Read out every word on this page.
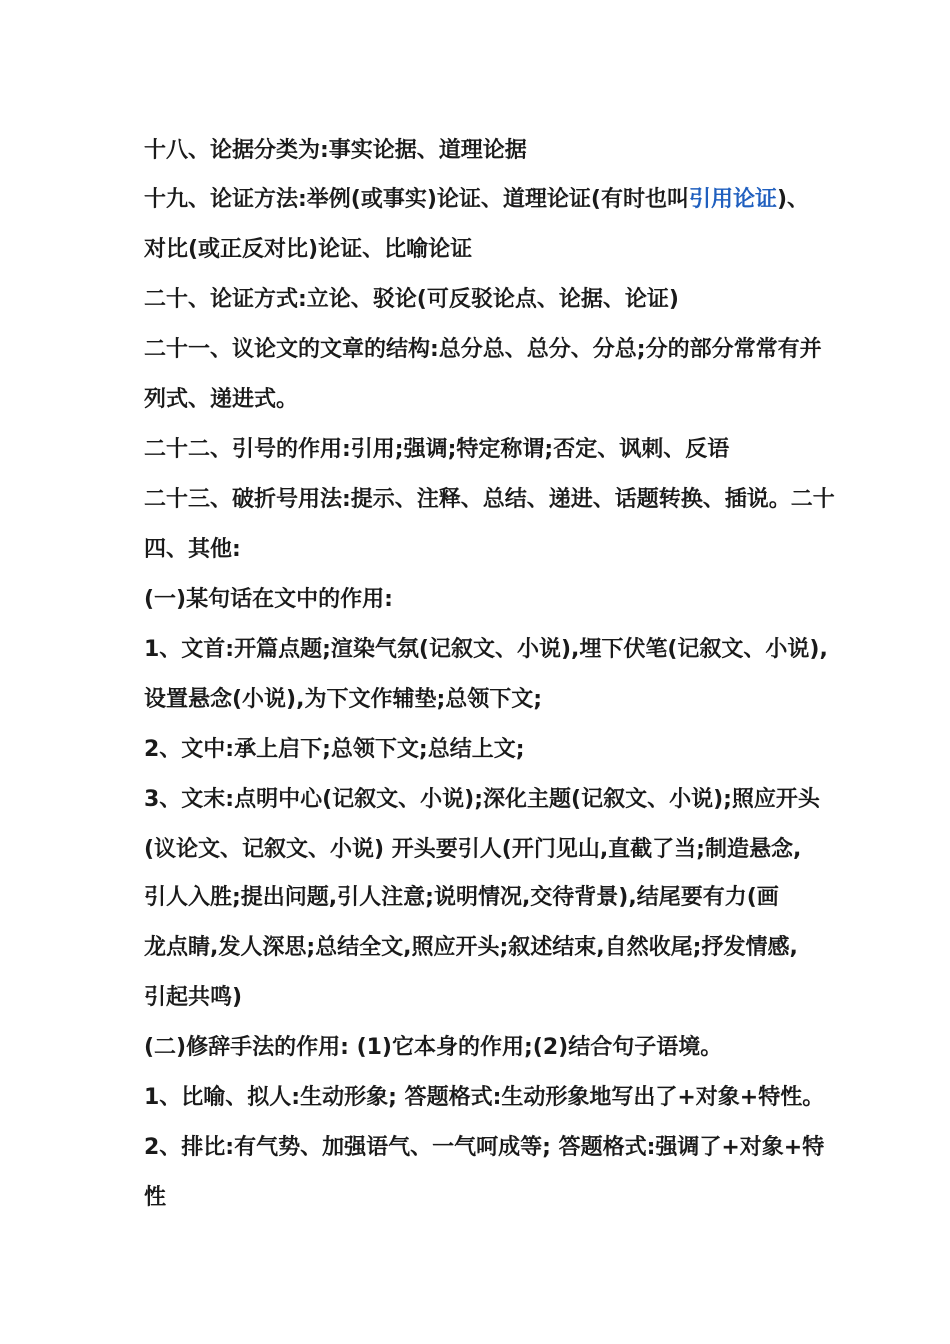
十八、论据分类为:事实论据、道理论据
十九、论证方法:举例(或事实)论证、道理论证(有时也叫引用论证)、
对比(或正反对比)论证、比喻论证
二十、论证方式:立论、驳论(可反驳论点、论据、论证)
二十一、议论文的文章的结构:总分总、总分、分总;分的部分常常有并
列式、递进式。
二十二、引号的作用:引用;强调;特定称谓;否定、讽刺、反语
二十三、破折号用法:提示、注释、总结、递进、话题转换、插说。二十
四、其他:
(一)某句话在文中的作用:
1、文首:开篇点题;渲染气氛(记叙文、小说),埋下伏笔(记叙文、小说),
设置悬念(小说),为下文作辅垫;总领下文;
2、文中:承上启下;总领下文;总结上文;
3、文末:点明中心(记叙文、小说);深化主题(记叙文、小说);照应开头
(议论文、记叙文、小说) 开头要引人(开门见山,直截了当;制造悬念,
引人入胜;提出问题,引人注意;说明情况,交待背景),结尾要有力(画
龙点睛,发人深思;总结全文,照应开头;叙述结束,自然收尾;抒发情感,
引起共鸣)
(二)修辞手法的作用: (1)它本身的作用;(2)结合句子语境。
1、比喻、拟人:生动形象; 答题格式:生动形象地写出了+对象+特性。
2、排比:有气势、加强语气、一气呵成等; 答题格式:强调了+对象+特
性
